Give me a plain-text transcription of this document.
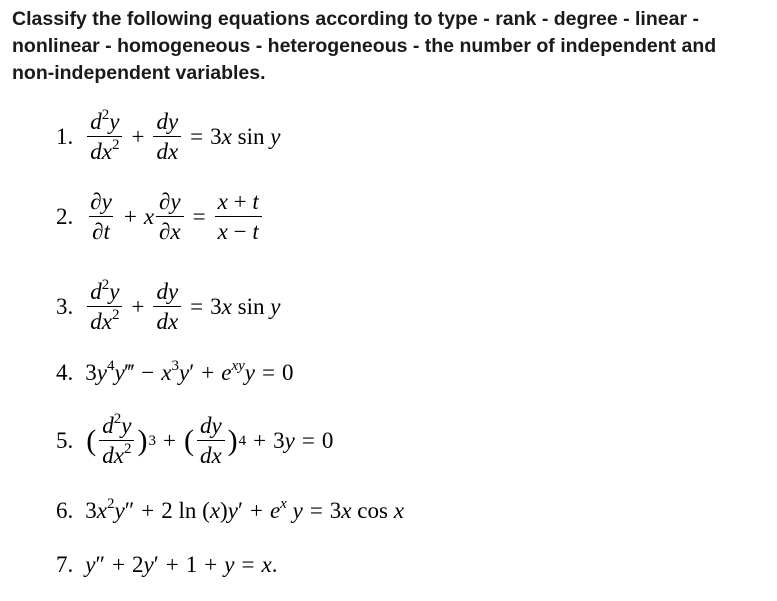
Classify the following equations according to type - rank - degree - linear -
nonlinear - homogeneous - heterogeneous - the number of independent and
non-independent variables.
1. $\frac{d^2y}{dx^2} + \frac{dy}{dx} = 3x$ sin y
2. $\frac{\partial y}{\partial t} + x \frac{\partial y}{\partial x} = \frac{x + t}{x - t}$
3. $\frac{d^2y}{dx^2} + \frac{dy}{dx} = 3x$ sin y
4. $3y^4y‴ - x^3y' + e^{xy}y = 0$
5. ( $\frac{d^2y}{dx^2}$ ) 3 + ( $\frac{dy}{dx}$ ) 4 + 3y = 0
6. $3x^2y'' + 2$ $\ln (x)y' + e^x$ y = 3x cos x
7. y″ + 2y′ + 1 + y = x.
